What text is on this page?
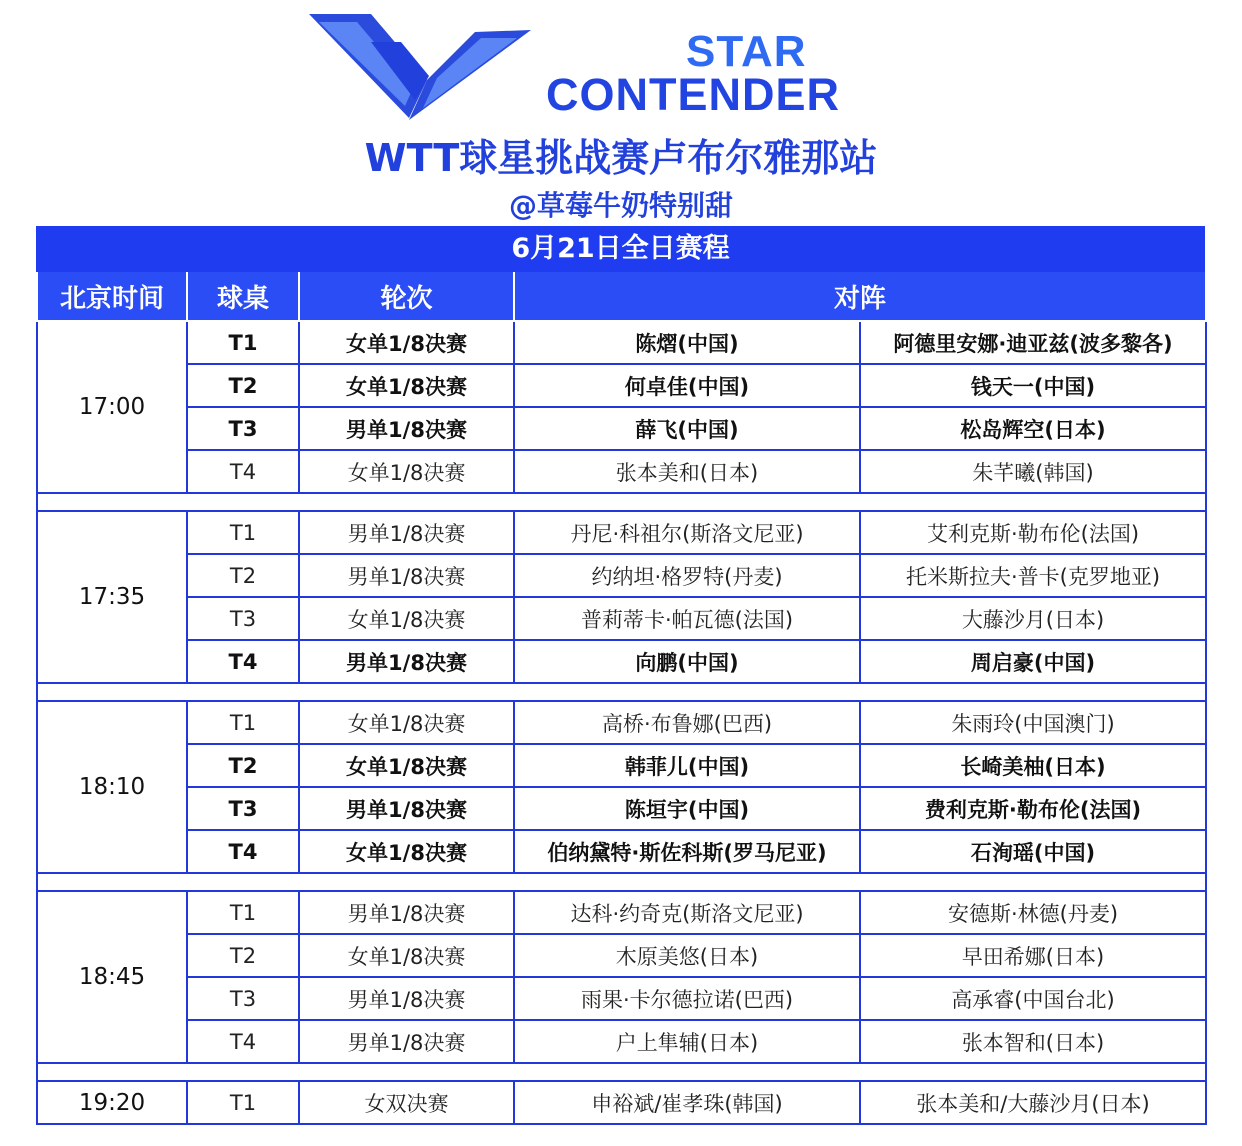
STAR
CONTENDER
WTT球星挑战赛卢布尔雅那站
@草莓牛奶特别甜
6月21日全日赛程
北京时间	球桌	轮次	对阵	
17:00	T1	女单1/8决赛	陈熠(中国)	阿德里安娜·迪亚兹(波多黎各)
	T2	女单1/8决赛	何卓佳(中国)	钱天一(中国)
	T3	男单1/8决赛	薛飞(中国)	松岛辉空(日本)
	T4	女单1/8决赛	张本美和(日本)	朱芊曦(韩国)

17:35	T1	男单1/8决赛	丹尼·科祖尔(斯洛文尼亚)	艾利克斯·勒布伦(法国)
	T2	男单1/8决赛	约纳坦·格罗特(丹麦)	托米斯拉夫·普卡(克罗地亚)
	T3	女单1/8决赛	普莉蒂卡·帕瓦德(法国)	大藤沙月(日本)
	T4	男单1/8决赛	向鹏(中国)	周启豪(中国)

18:10	T1	女单1/8决赛	高桥·布鲁娜(巴西)	朱雨玲(中国澳门)
	T2	女单1/8决赛	韩菲儿(中国)	长崎美柚(日本)
	T3	男单1/8决赛	陈垣宇(中国)	费利克斯·勒布伦(法国)
	T4	女单1/8决赛	伯纳黛特·斯佐科斯(罗马尼亚)	石洵瑶(中国)

18:45	T1	男单1/8决赛	达科·约奇克(斯洛文尼亚)	安德斯·林德(丹麦)
	T2	女单1/8决赛	木原美悠(日本)	早田希娜(日本)
	T3	男单1/8决赛	雨果·卡尔德拉诺(巴西)	高承睿(中国台北)
	T4	男单1/8决赛	户上隼辅(日本)	张本智和(日本)

19:20	T1	女双决赛	申裕斌/崔孝珠(韩国)	张本美和/大藤沙月(日本)
